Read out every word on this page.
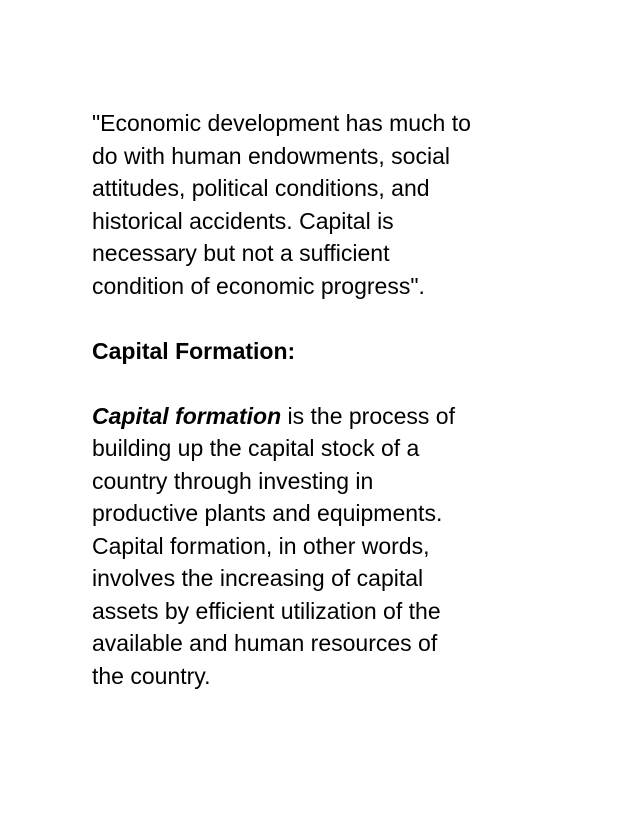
"Economic development has much to
do with human endowments, social
attitudes, political conditions, and
historical accidents. Capital is
necessary but not a sufficient
condition of economic progress".

Capital Formation:

Capital formation is the process of
building up the capital stock of a
country through investing in
productive plants and equipments.
Capital formation, in other words,
involves the increasing of capital
assets by efficient utilization of the
available and human resources of
the country.
